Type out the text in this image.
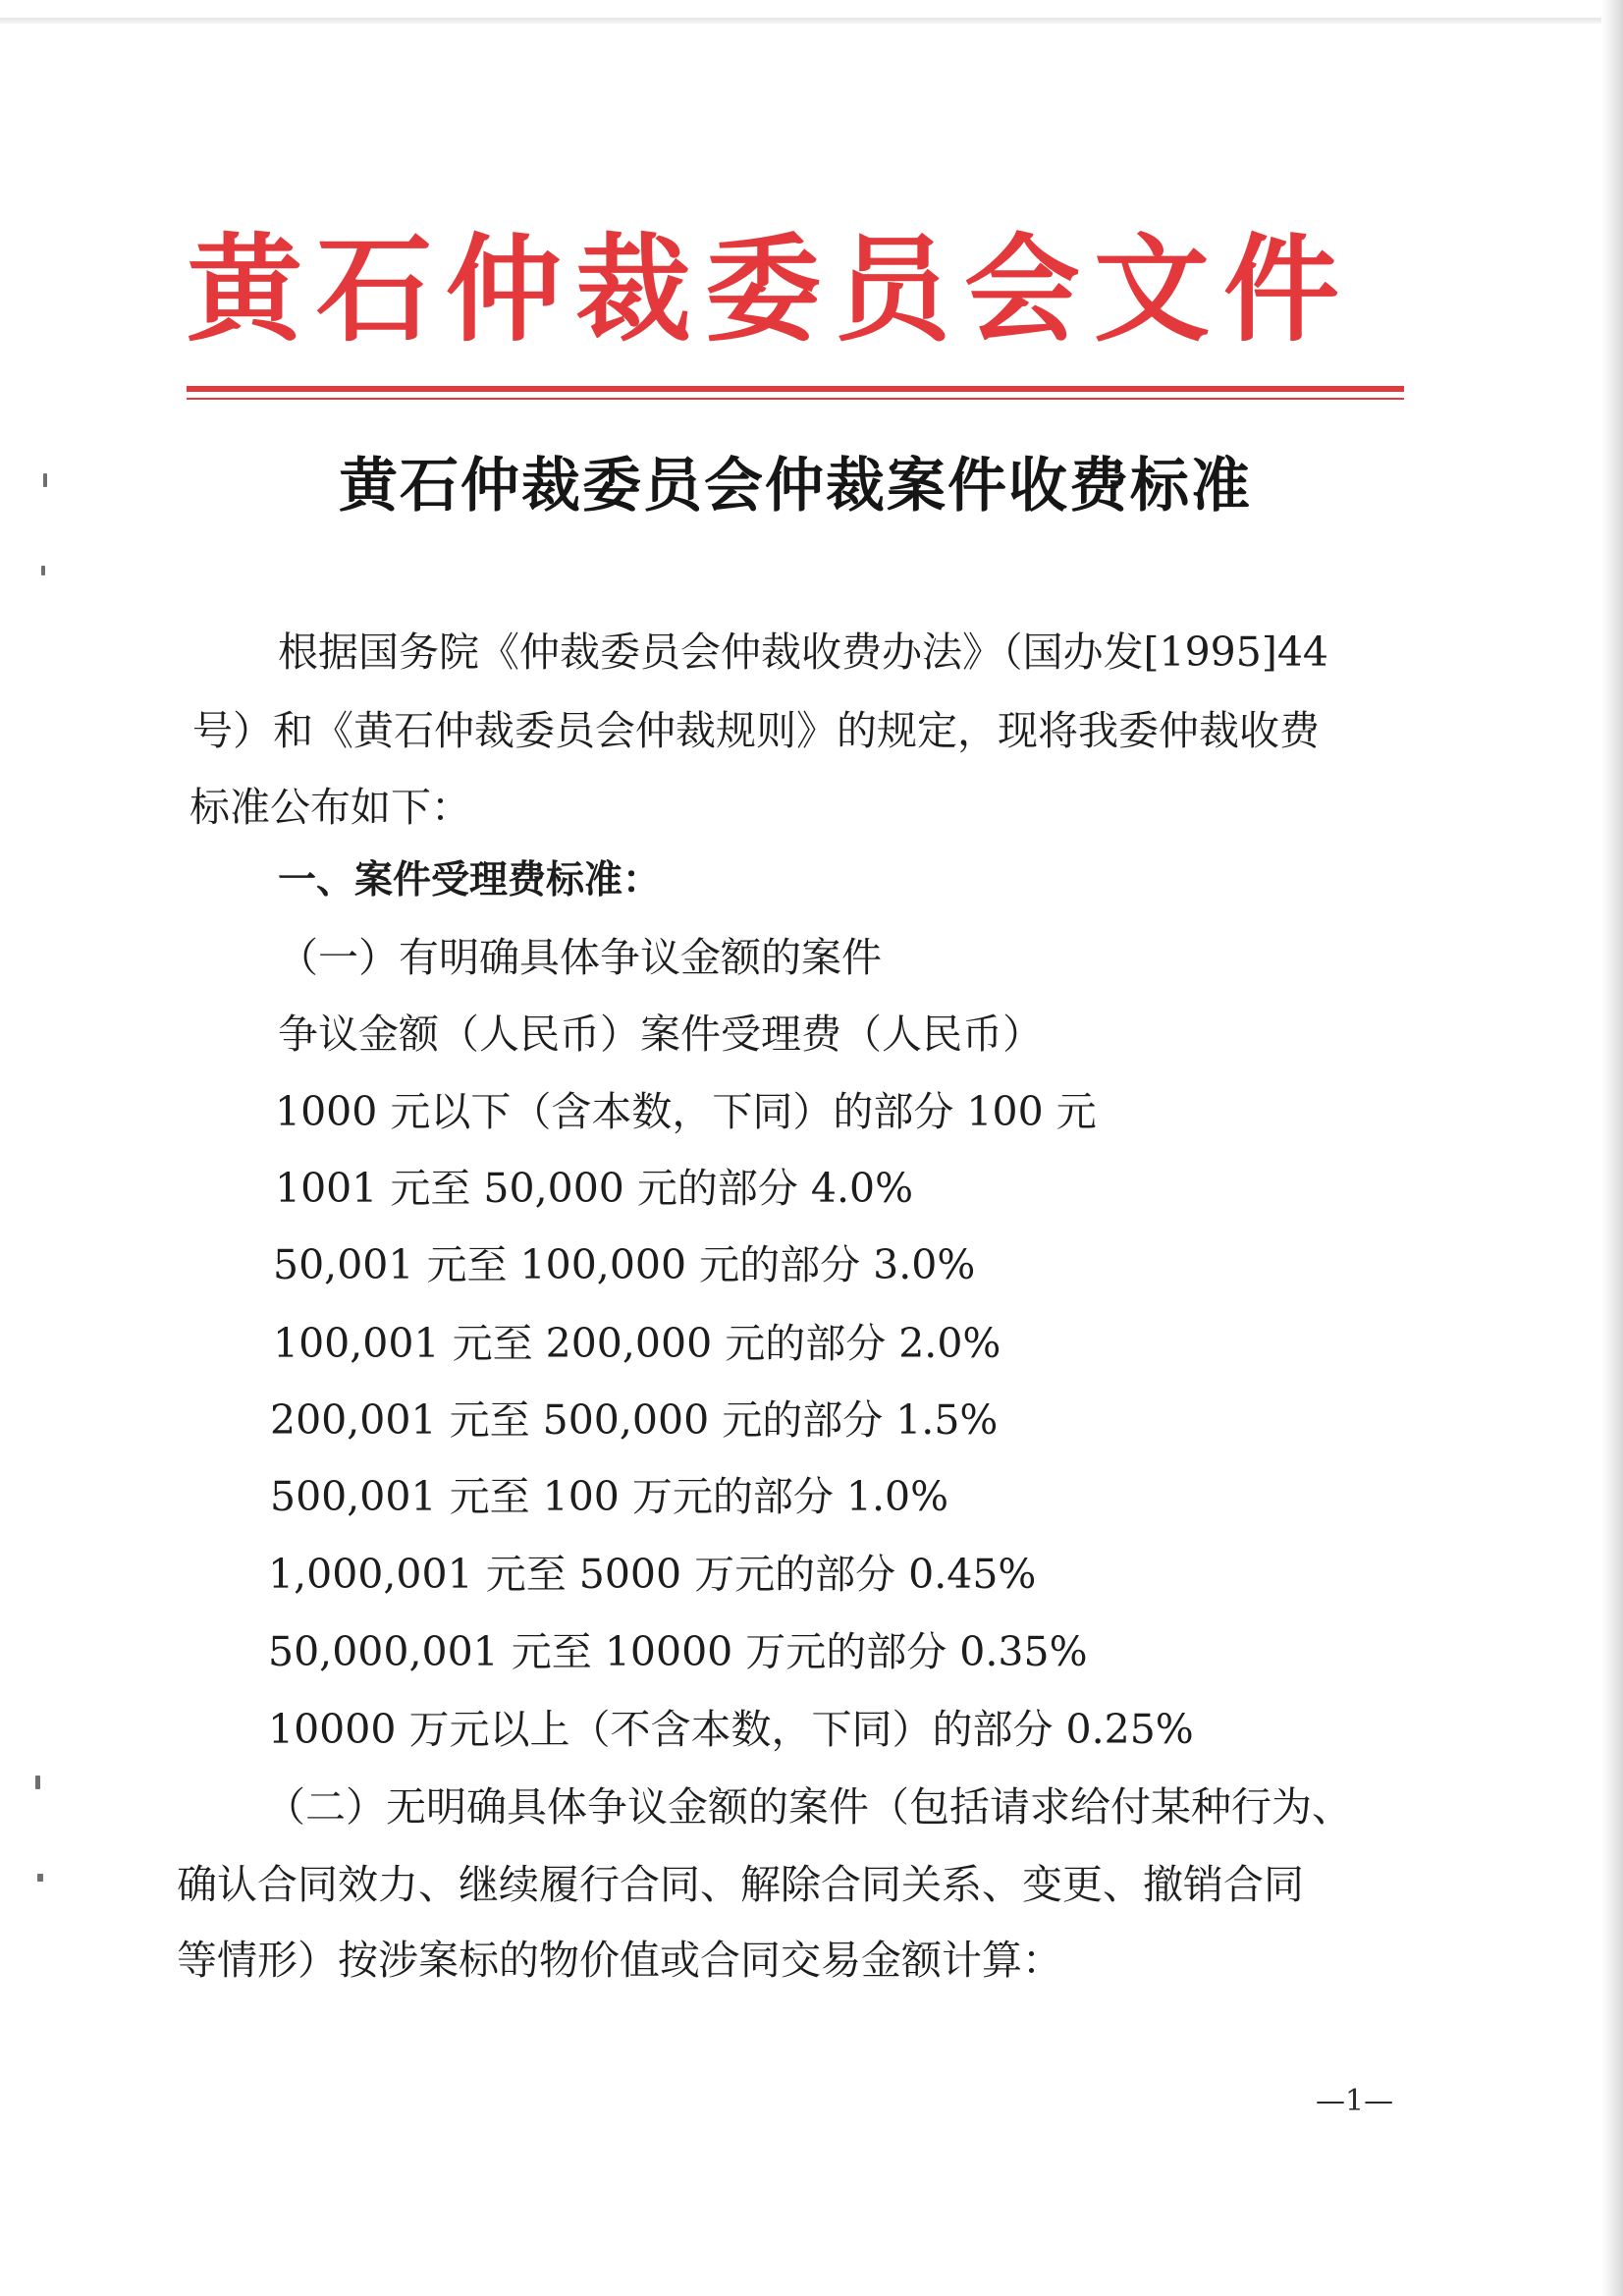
黄石仲裁委员会文件
黄石仲裁委员会仲裁案件收费标准
根据国务院《仲裁委员会仲裁收费办法》（国办发[1995]44
号）和《黄石仲裁委员会仲裁规则》的规定，现将我委仲裁收费
标准公布如下：
一、案件受理费标准：
（一）有明确具体争议金额的案件
争议金额（人民币）案件受理费（人民币）
1000 元以下（含本数，下同）的部分 100 元
1001 元至 50,000 元的部分 4.0%
50,001 元至 100,000 元的部分 3.0%
100,001 元至 200,000 元的部分 2.0%
200,001 元至 500,000 元的部分 1.5%
500,001 元至 100 万元的部分 1.0%
1,000,001 元至 5000 万元的部分 0.45%
50,000,001 元至 10000 万元的部分 0.35%
10000 万元以上（不含本数，下同）的部分 0.25%
（二）无明确具体争议金额的案件（包括请求给付某种行为、
确认合同效力、继续履行合同、解除合同关系、变更、撤销合同
等情形）按涉案标的物价值或合同交易金额计算：
—1—
